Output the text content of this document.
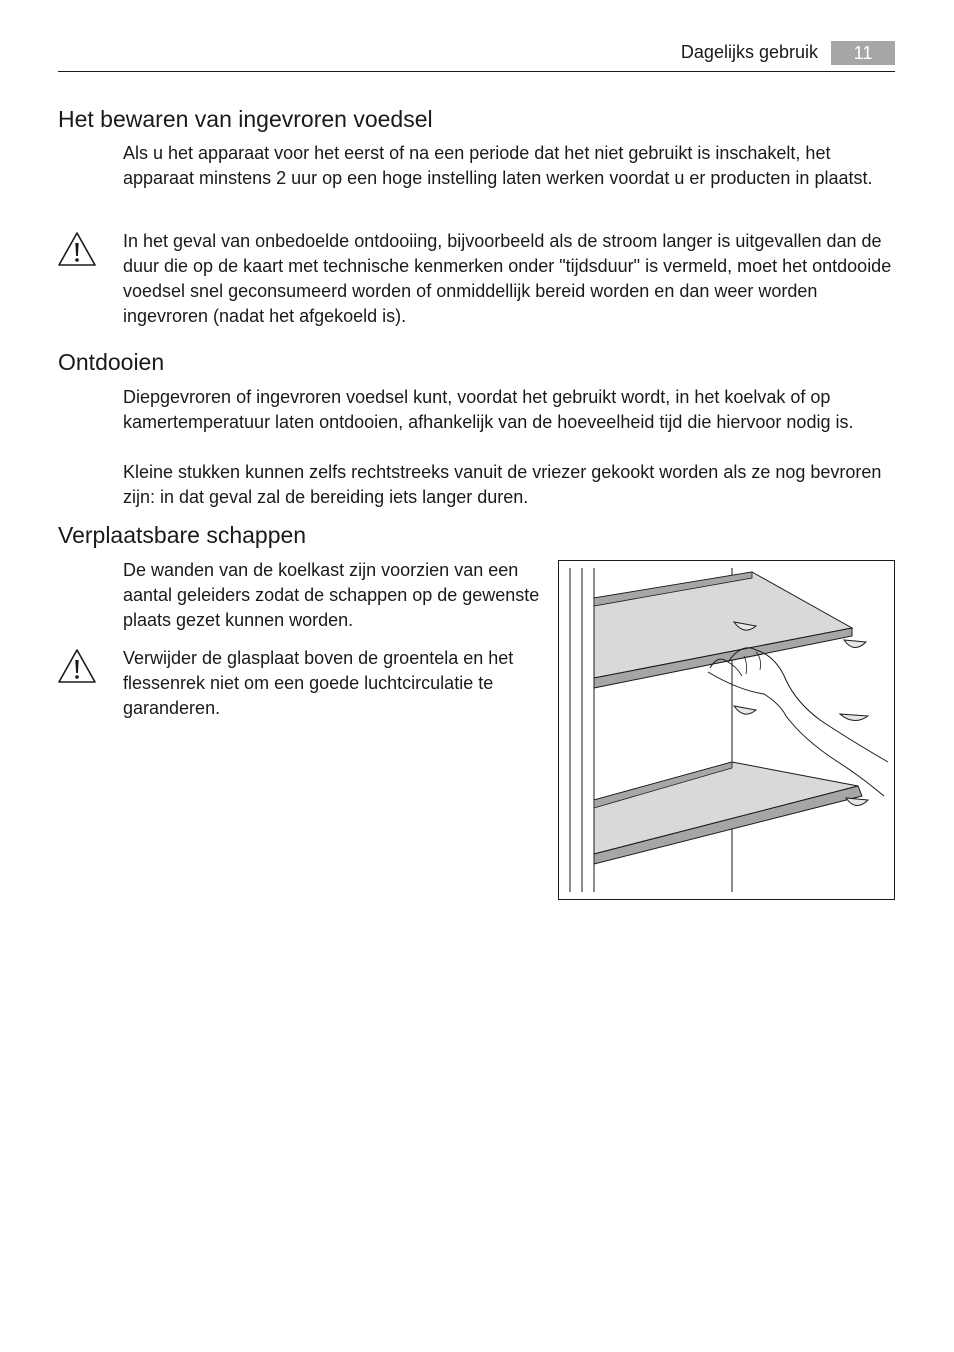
Dagelijks gebruik	11
Het bewaren van ingevroren voedsel

Als u het apparaat voor het eerst of na een periode dat het niet gebruikt is inschakelt, het apparaat minstens 2 uur op een hoge instelling laten werken voordat u er producten in plaatst.

In het geval van onbedoelde ontdooiing, bijvoorbeeld als de stroom langer is uitgevallen dan de duur die op de kaart met technische kenmerken onder "tijdsduur" is vermeld, moet het ontdooide voedsel snel geconsumeerd worden of onmiddellijk bereid worden en dan weer worden ingevroren (nadat het afgekoeld is).

Ontdooien

Diepgevroren of ingevroren voedsel kunt, voordat het gebruikt wordt, in het koelvak of op kamertemperatuur laten ontdooien, afhankelijk van de hoeveelheid tijd die hiervoor nodig is.

Kleine stukken kunnen zelfs rechtstreeks vanuit de vriezer gekookt worden als ze nog bevroren zijn: in dat geval zal de bereiding iets langer duren.

Verplaatsbare schappen

De wanden van de koelkast zijn voorzien van een aantal geleiders zodat de schappen op de gewenste plaats gezet kunnen worden.

Verwijder de glasplaat boven de groentela en het flessenrek niet om een goede luchtcirculatie te garanderen.
